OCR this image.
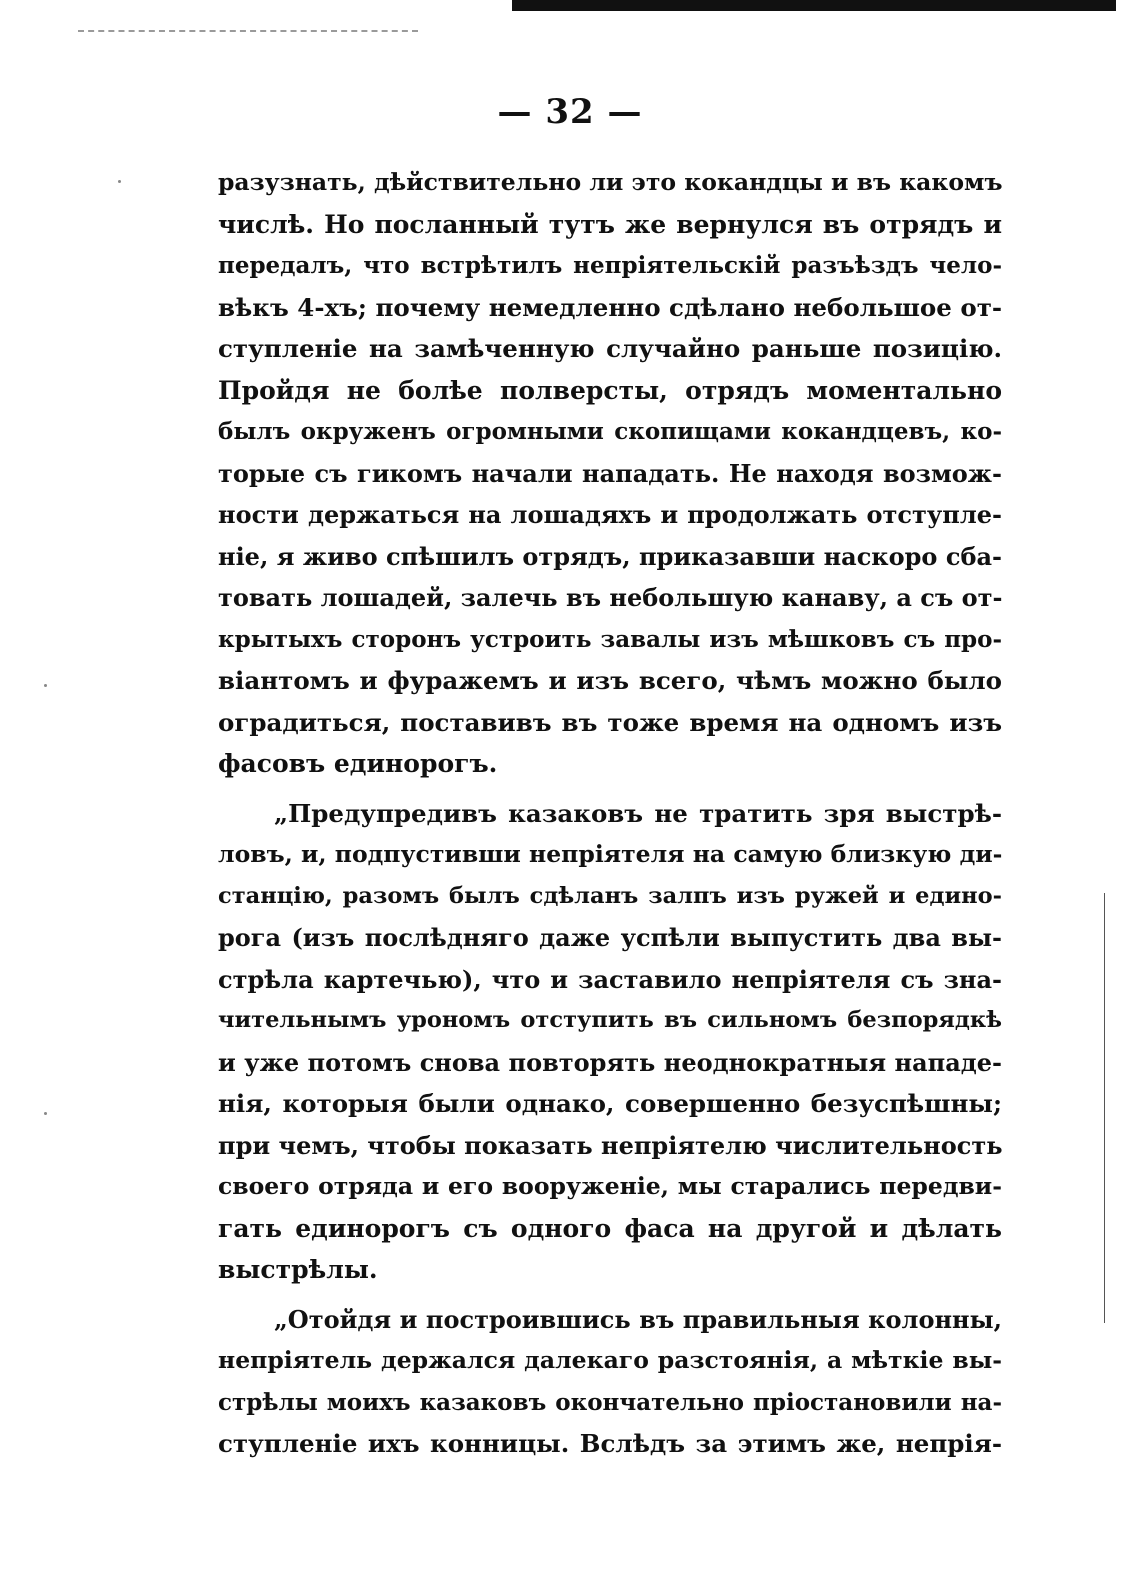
— 32 —
разузнать, дѣйствительно ли это кокандцы и въ какомъ
числѣ. Но посланный тутъ же вернулся въ отрядъ и
передалъ, что встрѣтилъ непріятельскій разъѣздъ чело-
вѣкъ 4-хъ; почему немедленно сдѣлано небольшое от-
ступленіе на замѣченную случайно раньше позицію.
Пройдя не болѣе полверсты, отрядъ моментально
былъ окруженъ огромными скопищами кокандцевъ, ко-
торые съ гикомъ начали нападать. Не находя возмож-
ности держаться на лошадяхъ и продолжать отступле-
ніе, я живо спѣшилъ отрядъ, приказавши наскоро сба-
товать лошадей, залечь въ небольшую канаву, а съ от-
крытыхъ сторонъ устроить завалы изъ мѣшковъ съ про-
віантомъ и фуражемъ и изъ всего, чѣмъ можно было
оградиться, поставивъ въ тоже время на одномъ изъ
фасовъ единорогъ.
„Предупредивъ казаковъ не тратить зря выстрѣ-
ловъ, и, подпустивши непріятеля на самую близкую ди-
станцію, разомъ былъ сдѣланъ залпъ изъ ружей и едино-
рога (изъ послѣдняго даже успѣли выпустить два вы-
стрѣла картечью), что и заставило непріятеля съ зна-
чительнымъ урономъ отступить въ сильномъ безпорядкѣ
и уже потомъ снова повторять неоднократныя нападе-
нія, которыя были однако, совершенно безуспѣшны;
при чемъ, чтобы показать непріятелю числительность
своего отряда и его вооруженіе, мы старались передви-
гать единорогъ съ одного фаса на другой и дѣлать
выстрѣлы.
„Отойдя и построившись въ правильныя колонны,
непріятель держался далекаго разстоянія, а мѣткіе вы-
стрѣлы моихъ казаковъ окончательно пріостановили на-
ступленіе ихъ конницы. Вслѣдъ за этимъ же, непрія-
